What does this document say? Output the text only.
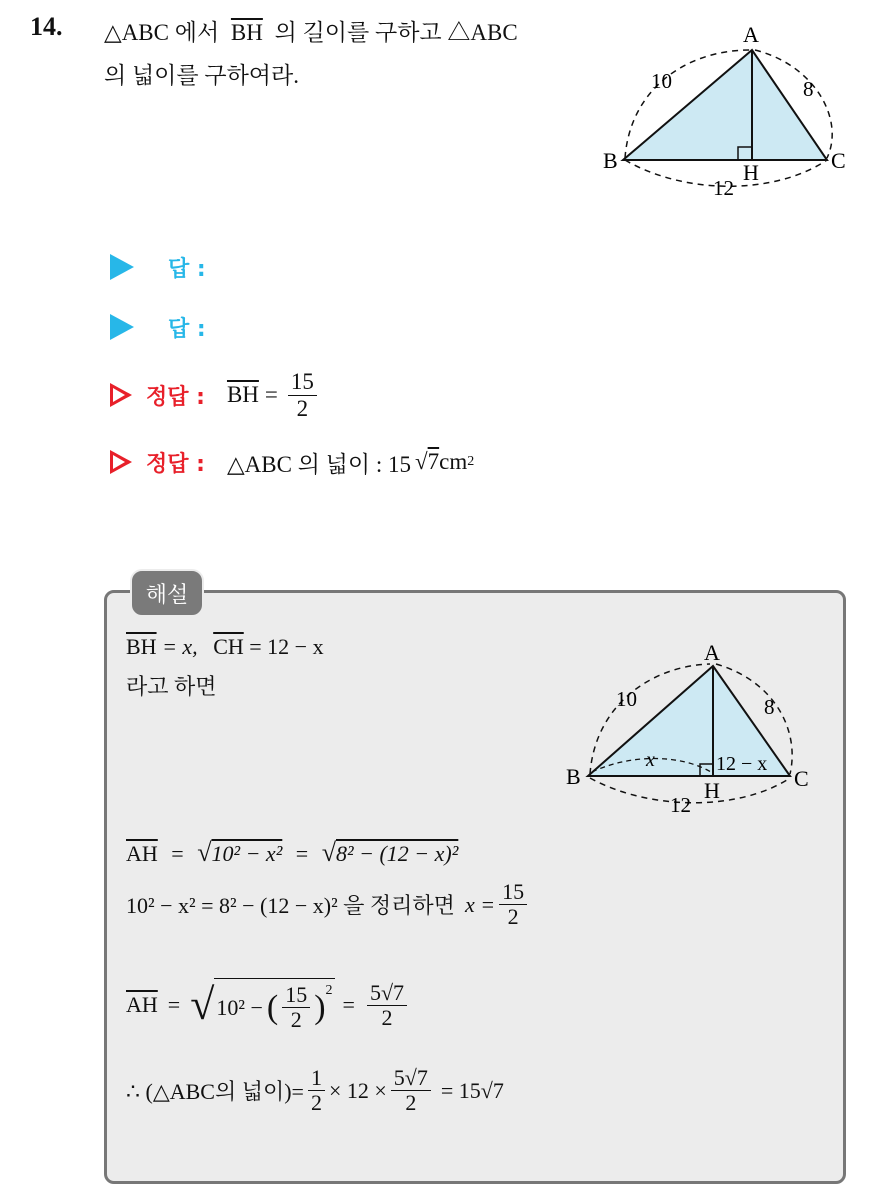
14. △ABC 에서 $\overline{BH}$ 의 길이를 구하고 △ABC
의 넓이를 구하여라.
A
B	C
H
10	8
12
답 :
답 :
정답 : $\overline{BH} = \frac{15}{2}$
정답 : △ABC 의 넓이 : 15 √ 7 cm 2
해설
$\overline{BH} = x$, $\overline{CH} = 12 - x$
라고 하면
A
B	C
H
10	8
12
x	12 − x
$\overline{AH} = √10^2 - x^2 = √8^2 - (12 - x)^2$
10² − x² = 8² − (12 − x)² 을 정리하면 $x = \frac{15}{2}$
$\overline{AH}$ = √ 10² − ( $\frac{15}{2} )^2$
= $\frac{5√7}{2}$
∴ (△ABC의 넓이)= $\frac{1}{2} \times 12 \times \frac{5√7}{2} = 15√7$
